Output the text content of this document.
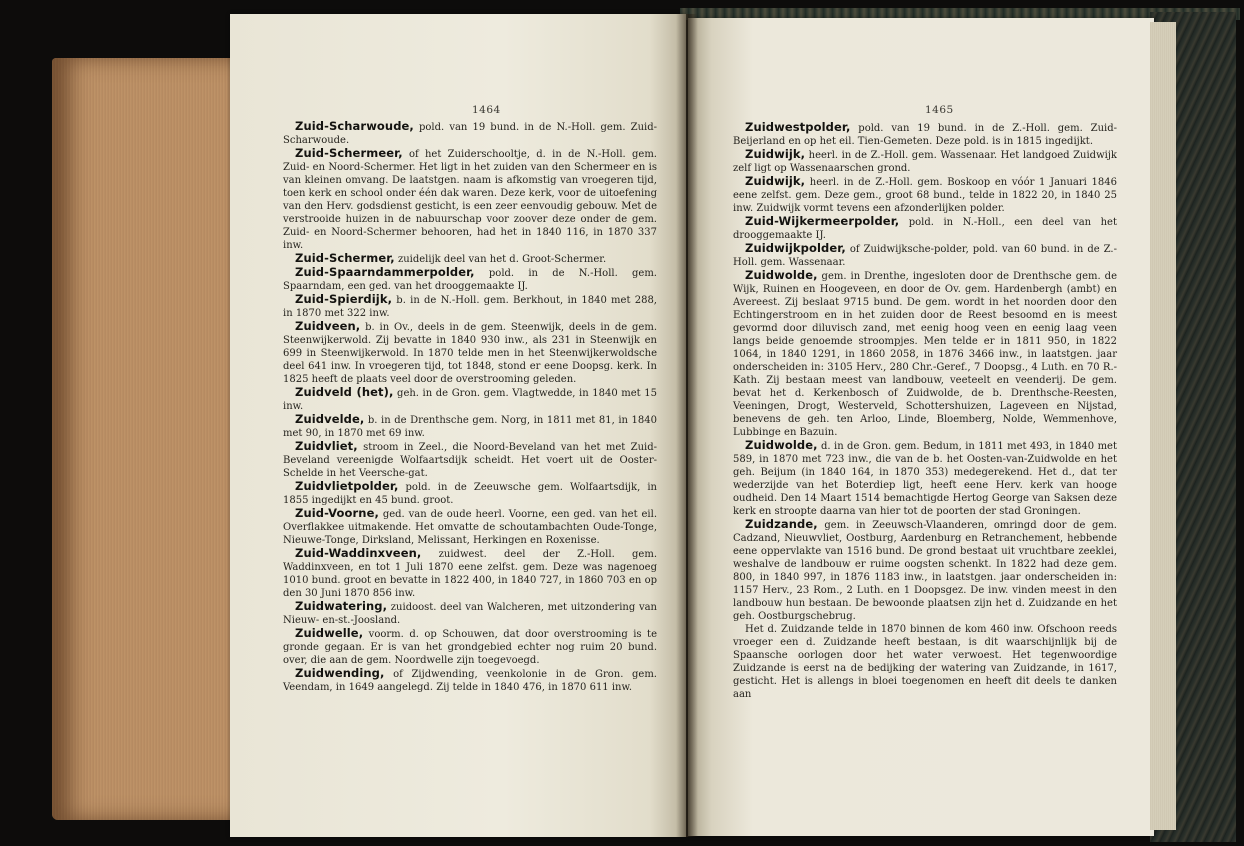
1464	1465

Zuid-Scharwoude, pold. van 19 bund. in de N.-Holl. gem. Zuid-Scharwoude.

Zuid-Schermeer, of het Zuiderschooltje, d. in de N.-Holl. gem. Zuid- en Noord-Schermer. Het ligt in het zuiden van den Schermeer en is van kleinen omvang. De laatstgen. naam is afkomstig van vroegeren tijd, toen kerk en school onder één dak waren. Deze kerk, voor de uitoefening van den Herv. godsdienst gesticht, is een zeer eenvoudig gebouw. Met de verstrooide huizen in de nabuurschap voor zoover deze onder de gem. Zuid- en Noord-Schermer behooren, had het in 1840 116, in 1870 337 inw.

Zuid-Schermer, zuidelijk deel van het d. Groot-Schermer.

Zuid-Spaarndammerpolder, pold. in de N.-Holl. gem. Spaarndam, een ged. van het drooggemaakte IJ.

Zuid-Spierdijk, b. in de N.-Holl. gem. Berkhout, in 1840 met 288, in 1870 met 322 inw.

Zuidveen, b. in Ov., deels in de gem. Steenwijk, deels in de gem. Steenwijkerwold. Zij bevatte in 1840 930 inw., als 231 in Steenwijk en 699 in Steenwijkerwold. In 1870 telde men in het Steenwijkerwoldsche deel 641 inw. In vroegeren tijd, tot 1848, stond er eene Doopsg. kerk. In 1825 heeft de plaats veel door de overstrooming geleden.

Zuidveld (het), geh. in de Gron. gem. Vlagtwedde, in 1840 met 15 inw.

Zuidvelde, b. in de Drenthsche gem. Norg, in 1811 met 81, in 1840 met 90, in 1870 met 69 inw.

Zuidvliet, stroom in Zeel., die Noord-Beveland van het met Zuid-Beveland vereenigde Wolfaartsdijk scheidt. Het voert uit de Ooster-Schelde in het Veersche-gat.

Zuidvlietpolder, pold. in de Zeeuwsche gem. Wolfaartsdijk, in 1855 ingedijkt en 45 bund. groot.

Zuid-Voorne, ged. van de oude heerl. Voorne, een ged. van het eil. Overflakkee uitmakende. Het omvatte de schoutambachten Oude-Tonge, Nieuwe-Tonge, Dirksland, Melissant, Herkingen en Roxenisse.

Zuid-Waddinxveen, zuidwest. deel der Z.-Holl. gem. Waddinxveen, en tot 1 Juli 1870 eene zelfst. gem. Deze was nagenoeg 1010 bund. groot en bevatte in 1822 400, in 1840 727, in 1860 703 en op den 30 Juni 1870 856 inw.

Zuidwatering, zuidoost. deel van Walcheren, met uitzondering van Nieuw- en-st.-Joosland.

Zuidwelle, voorm. d. op Schouwen, dat door overstrooming is te gronde gegaan. Er is van het grondgebied echter nog ruim 20 bund. over, die aan de gem. Noordwelle zijn toegevoegd.

Zuidwending, of Zijdwending, veenkolonie in de Gron. gem. Veendam, in 1649 aangelegd. Zij telde in 1840 476, in 1870 611 inw.

Zuidwestpolder, pold. van 19 bund. in de Z.-Holl. gem. Zuid-Beijerland en op het eil. Tien-Gemeten. Deze pold. is in 1815 ingedijkt.

Zuidwijk, heerl. in de Z.-Holl. gem. Wassenaar. Het landgoed Zuidwijk zelf ligt op Wassenaarschen grond.

Zuidwijk, heerl. in de Z.-Holl. gem. Boskoop en vóór 1 Januari 1846 eene zelfst. gem. Deze gem., groot 68 bund., telde in 1822 20, in 1840 25 inw. Zuidwijk vormt tevens een afzonderlijken polder.

Zuid-Wijkermeerpolder, pold. in N.-Holl., een deel van het drooggemaakte IJ.

Zuidwijkpolder, of Zuidwijksche-polder, pold. van 60 bund. in de Z.-Holl. gem. Wassenaar.

Zuidwolde, gem. in Drenthe, ingesloten door de Drenthsche gem. de Wijk, Ruinen en Hoogeveen, en door de Ov. gem. Hardenbergh (ambt) en Avereest. Zij beslaat 9715 bund. De gem. wordt in het noorden door den Echtingerstroom en in het zuiden door de Reest besoomd en is meest gevormd door diluvisch zand, met eenig hoog veen en eenig laag veen langs beide genoemde stroompjes. Men telde er in 1811 950, in 1822 1064, in 1840 1291, in 1860 2058, in 1876 3466 inw., in laatstgen. jaar onderscheiden in: 3105 Herv., 280 Chr.-Geref., 7 Doopsg., 4 Luth. en 70 R.-Kath. Zij bestaan meest van landbouw, veeteelt en veenderij. De gem. bevat het d. Kerkenbosch of Zuidwolde, de b. Drenthsche-Reesten, Veeningen, Drogt, Westerveld, Schottershuizen, Lageveen en Nijstad, benevens de geh. ten Arloo, Linde, Bloemberg, Nolde, Wemmenhove, Lubbinge en Bazuin.

Zuidwolde, d. in de Gron. gem. Bedum, in 1811 met 493, in 1840 met 589, in 1870 met 723 inw., die van de b. het Oosten-van-Zuidwolde en het geh. Beijum (in 1840 164, in 1870 353) medegerekend. Het d., dat ter wederzijde van het Boterdiep ligt, heeft eene Herv. kerk van hooge oudheid. Den 14 Maart 1514 bemachtigde Hertog George van Saksen deze kerk en stroopte daarna van hier tot de poorten der stad Groningen.

Zuidzande, gem. in Zeeuwsch-Vlaanderen, omringd door de gem. Cadzand, Nieuwvliet, Oostburg, Aardenburg en Retranchement, hebbende eene oppervlakte van 1516 bund. De grond bestaat uit vruchtbare zeeklei, weshalve de landbouw er ruime oogsten schenkt. In 1822 had deze gem. 800, in 1840 997, in 1876 1183 inw., in laatstgen. jaar onderscheiden in: 1157 Herv., 23 Rom., 2 Luth. en 1 Doopsgez. De inw. vinden meest in den landbouw hun bestaan. De bewoonde plaatsen zijn het d. Zuidzande en het geh. Oostburgschebrug.

Het d. Zuidzande telde in 1870 binnen de kom 460 inw. Ofschoon reeds vroeger een d. Zuidzande heeft bestaan, is dit waarschijnlijk bij de Spaansche oorlogen door het water verwoest. Het tegenwoordige Zuidzande is eerst na de bedijking der watering van Zuidzande, in 1617, gesticht. Het is allengs in bloei toegenomen en heeft dit deels te danken aan
